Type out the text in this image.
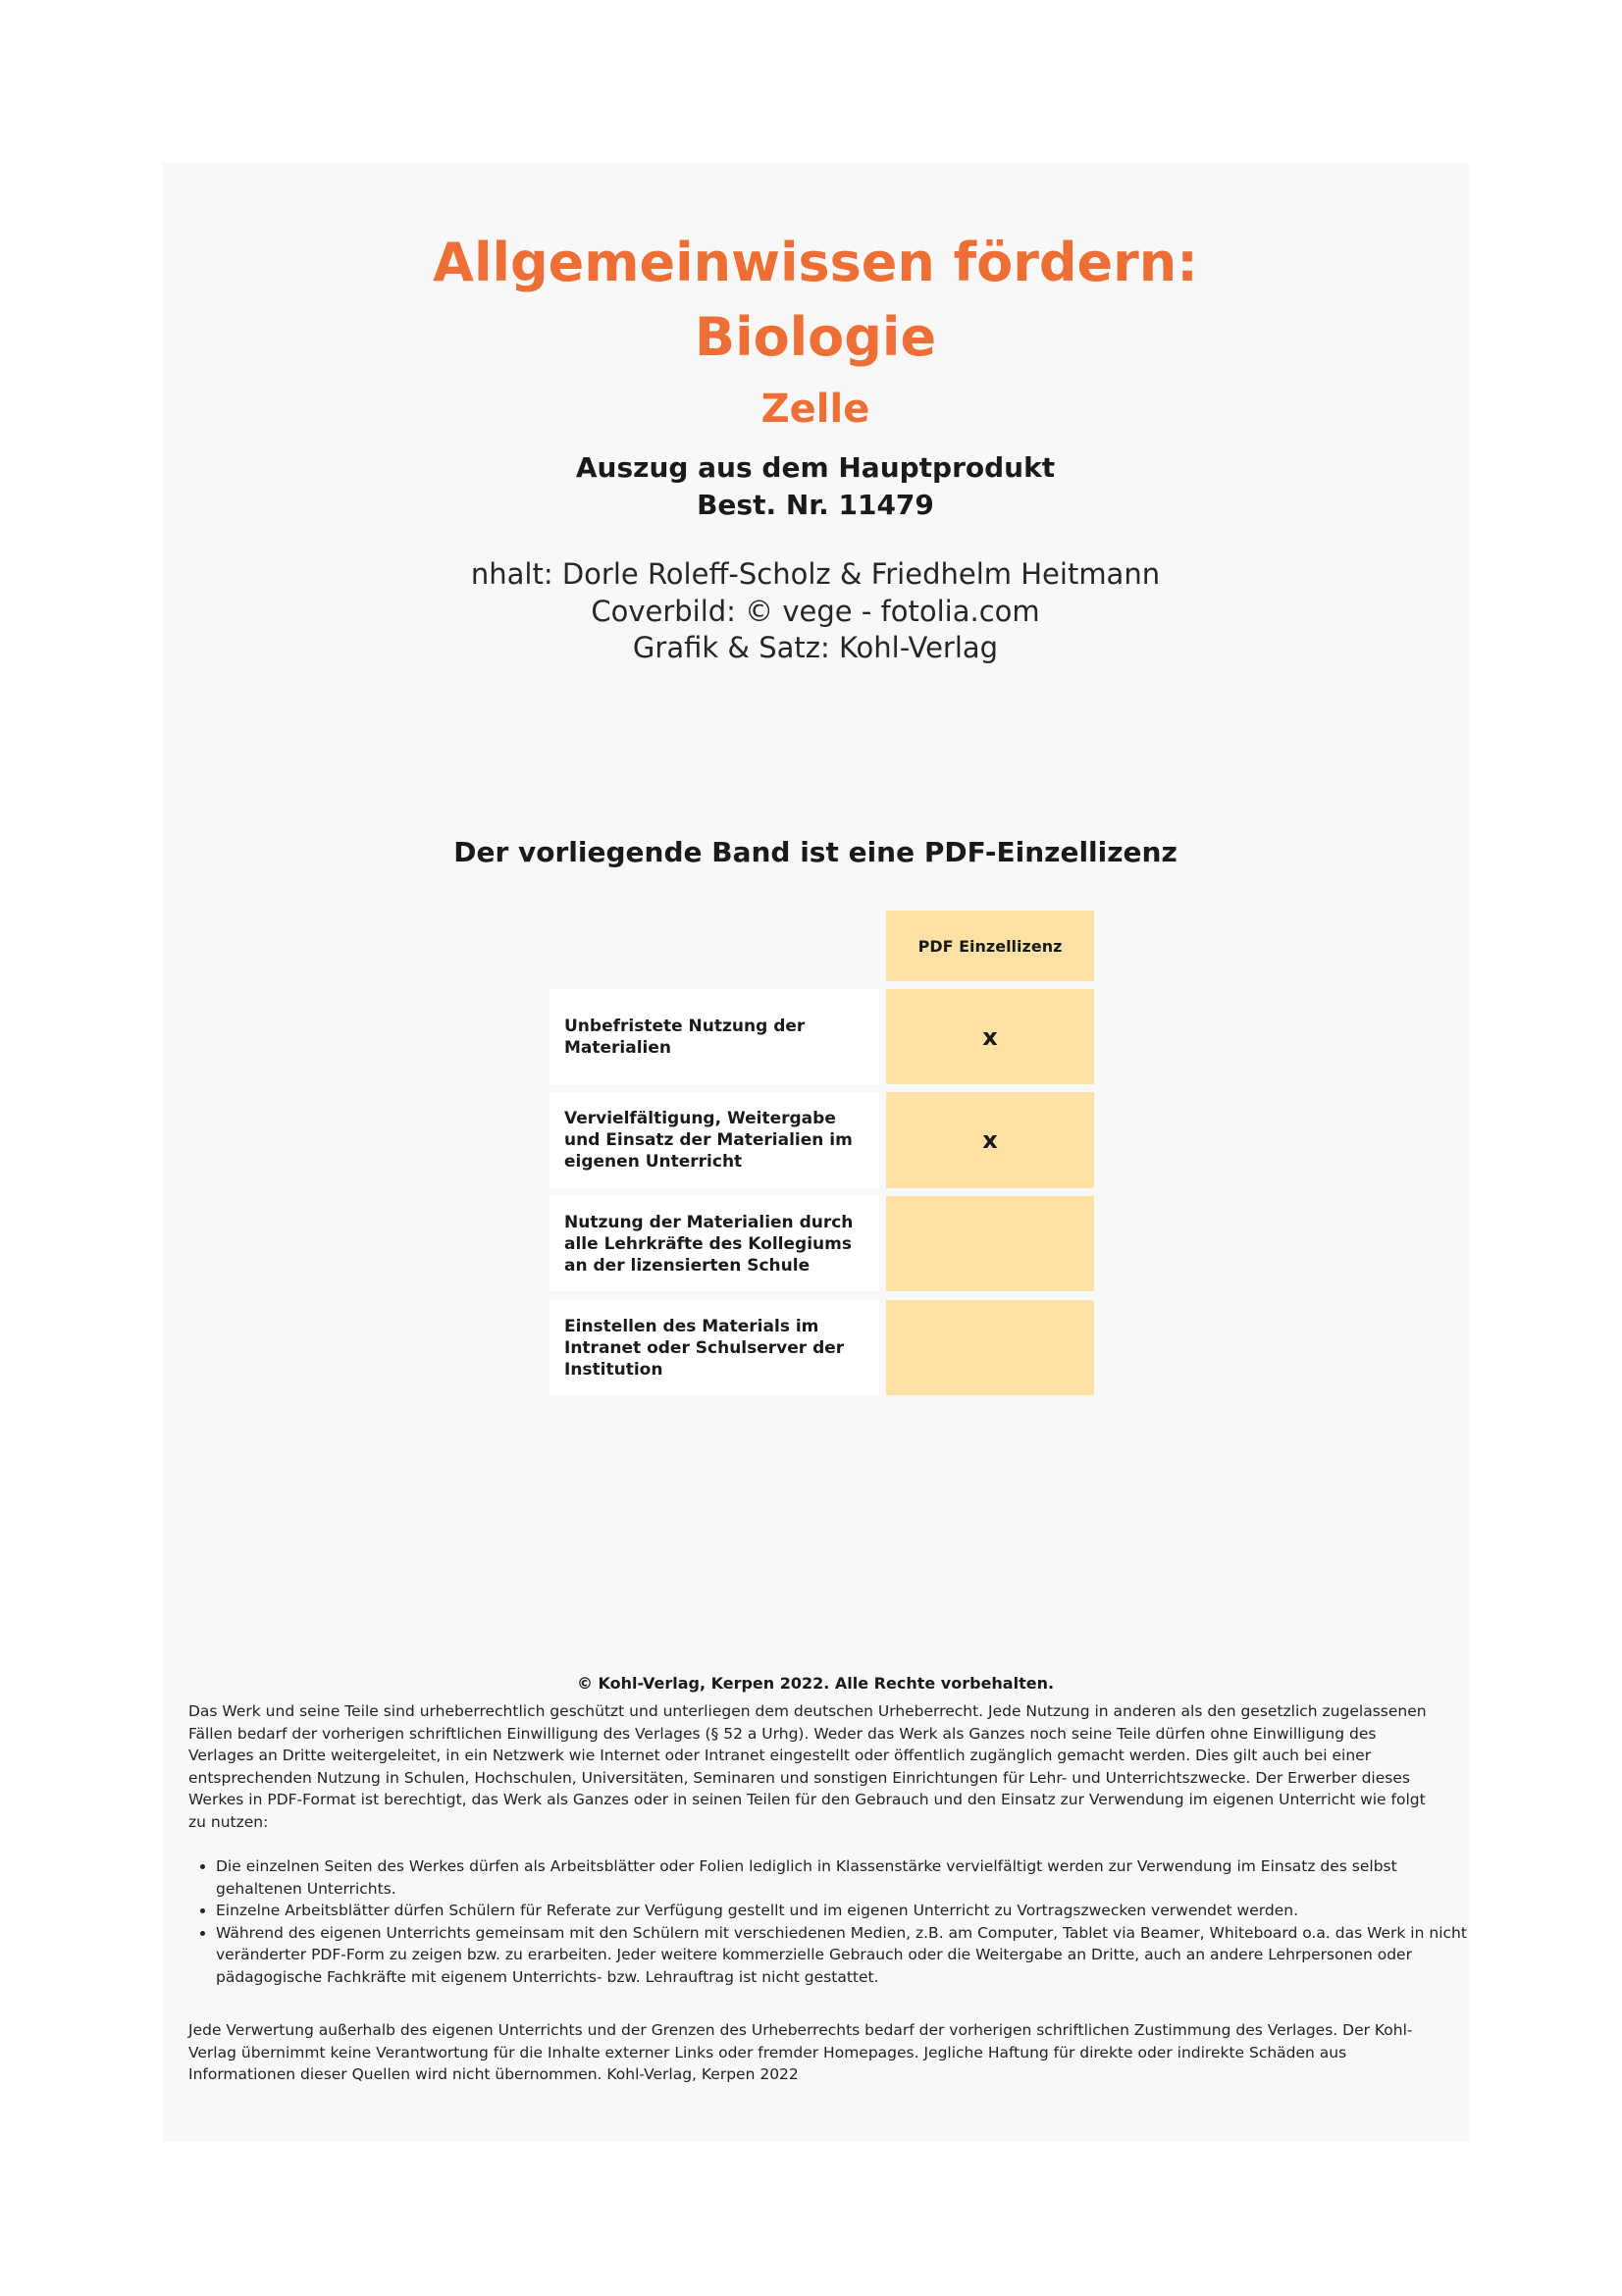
Allgemeinwissen fördern:
Biologie
Zelle

Auszug aus dem Hauptprodukt

Best. Nr. 11479

nhalt: Dorle Roleff-Scholz & Friedhelm Heitmann

Coverbild: © vege - fotolia.com

Grafik & Satz: Kohl-Verlag

Der vorliegende Band ist eine PDF-Einzellizenz

PDF Einzellizenz
Unbefristete Nutzung der Materialien	x
Vervielfältigung, Weitergabe und Einsatz der Materialien im eigenen Unterricht
x
Nutzung der Materialien durch alle Lehrkräfte des Kollegiums an der lizensierten Schule
Einstellen des Materials im Intranet oder Schulserver der Institution

© Kohl-Verlag, Kerpen 2022. Alle Rechte vorbehalten.

Das Werk und seine Teile sind urheberrechtlich geschützt und unterliegen dem deutschen Urheberrecht. Jede Nutzung in anderen als den gesetzlich zugelassenen Fällen bedarf der vorherigen schriftlichen Einwilligung des Verlages (§ 52 a Urhg). Weder das Werk als Ganzes noch seine Teile dürfen ohne Einwilligung des Verlages an Dritte weitergeleitet, in ein Netzwerk wie Internet oder Intranet eingestellt oder öffentlich zugänglich gemacht werden. Dies gilt auch bei einer entsprechenden Nutzung in Schulen, Hochschulen, Universitäten, Seminaren und sonstigen Einrichtungen für Lehr- und Unterrichtszwecke. Der Erwerber dieses Werkes in PDF-Format ist berechtigt, das Werk als Ganzes oder in seinen Teilen für den Gebrauch und den Einsatz zur Verwendung im eigenen Unterricht wie folgt zu nutzen:

• Die einzelnen Seiten des Werkes dürfen als Arbeitsblätter oder Folien lediglich in Klassenstärke vervielfältigt werden zur Verwendung im Einsatz des selbst gehaltenen Unterrichts.
• Einzelne Arbeitsblätter dürfen Schülern für Referate zur Verfügung gestellt und im eigenen Unterricht zu Vortragszwecken verwendet werden.
• Während des eigenen Unterrichts gemeinsam mit den Schülern mit verschiedenen Medien, z.B. am Computer, Tablet via Beamer, Whiteboard o.a. das Werk in nicht veränderter PDF-Form zu zeigen bzw. zu erarbeiten. Jeder weitere kommerzielle Gebrauch oder die Weitergabe an Dritte, auch an andere Lehrpersonen oder pädagogische Fachkräfte mit eigenem Unterrichts- bzw. Lehrauftrag ist nicht gestattet.

Jede Verwertung außerhalb des eigenen Unterrichts und der Grenzen des Urheberrechts bedarf der vorherigen schriftlichen Zustimmung des Verlages. Der Kohl-Verlag übernimmt keine Verantwortung für die Inhalte externer Links oder fremder Homepages. Jegliche Haftung für direkte oder indirekte Schäden aus Informationen dieser Quellen wird nicht übernommen. Kohl-Verlag, Kerpen 2022
